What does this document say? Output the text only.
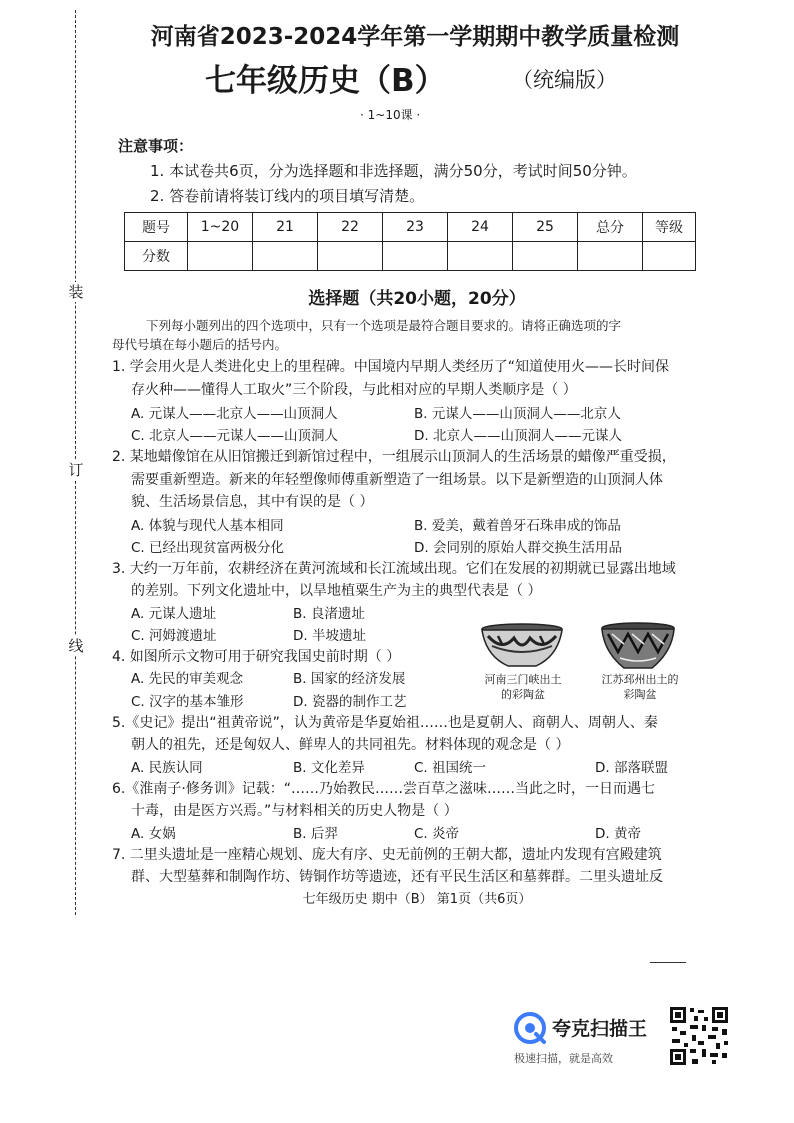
装
订
线
河南省2023-2024学年第一学期期中教学质量检测
七年级历史（B）	（统编版）
· 1~10课 ·
注意事项：
1. 本试卷共6页，分为选择题和非选择题，满分50分，考试时间50分钟。
2. 答卷前请将装订线内的项目填写清楚。
题号	1~20	21	22	23	24	25	总分	等级
分数								
选择题（共20小题，20分）
下列每小题列出的四个选项中，只有一个选项是最符合题目要求的。请将正确选项的字
母代号填在每小题后的括号内。
1. 学会用火是人类进化史上的里程碑。中国境内早期人类经历了“知道使用火——长时间保
存火种——懂得人工取火”三个阶段，与此相对应的早期人类顺序是（ ）
A. 元谋人——北京人——山顶洞人	B. 元谋人——山顶洞人——北京人
C. 北京人——元谋人——山顶洞人	D. 北京人——山顶洞人——元谋人
2. 某地蜡像馆在从旧馆搬迁到新馆过程中，一组展示山顶洞人的生活场景的蜡像严重受损，
需要重新塑造。新来的年轻塑像师傅重新塑造了一组场景。以下是新塑造的山顶洞人体
貌、生活场景信息，其中有误的是（ ）
A. 体貌与现代人基本相同	B. 爱美，戴着兽牙石珠串成的饰品
C. 已经出现贫富两极分化	D. 会同别的原始人群交换生活用品
3. 大约一万年前，农耕经济在黄河流域和长江流域出现。它们在发展的初期就已显露出地域
的差别。下列文化遗址中，以旱地植粟生产为主的典型代表是（ ）
A. 元谋人遗址	B. 良渚遗址
C. 河姆渡遗址	D. 半坡遗址
4. 如图所示文物可用于研究我国史前时期（ ）
A. 先民的审美观念	B. 国家的经济发展
C. 汉字的基本雏形	D. 瓷器的制作工艺
河南三门峡出土
的彩陶盆
江苏邳州出土的
彩陶盆
5.《史记》提出“祖黄帝说”，认为黄帝是华夏始祖……也是夏朝人、商朝人、周朝人、秦
朝人的祖先，还是匈奴人、鲜卑人的共同祖先。材料体现的观念是（ ）
A. 民族认同	B. 文化差异	C. 祖国统一	D. 部落联盟
6.《淮南子·修务训》记载：“……乃始教民……尝百草之滋味……当此之时，一日而遇七
十毒，由是医方兴焉。”与材料相关的历史人物是（ ）
A. 女娲	B. 后羿	C. 炎帝	D. 黄帝
7. 二里头遗址是一座精心规划、庞大有序、史无前例的王朝大都，遗址内发现有宫殿建筑
群、大型墓葬和制陶作坊、铸铜作坊等遗迹，还有平民生活区和墓葬群。二里头遗址反
七年级历史 期中（B） 第1页（共6页）
夸克扫描王
极速扫描，就是高效
